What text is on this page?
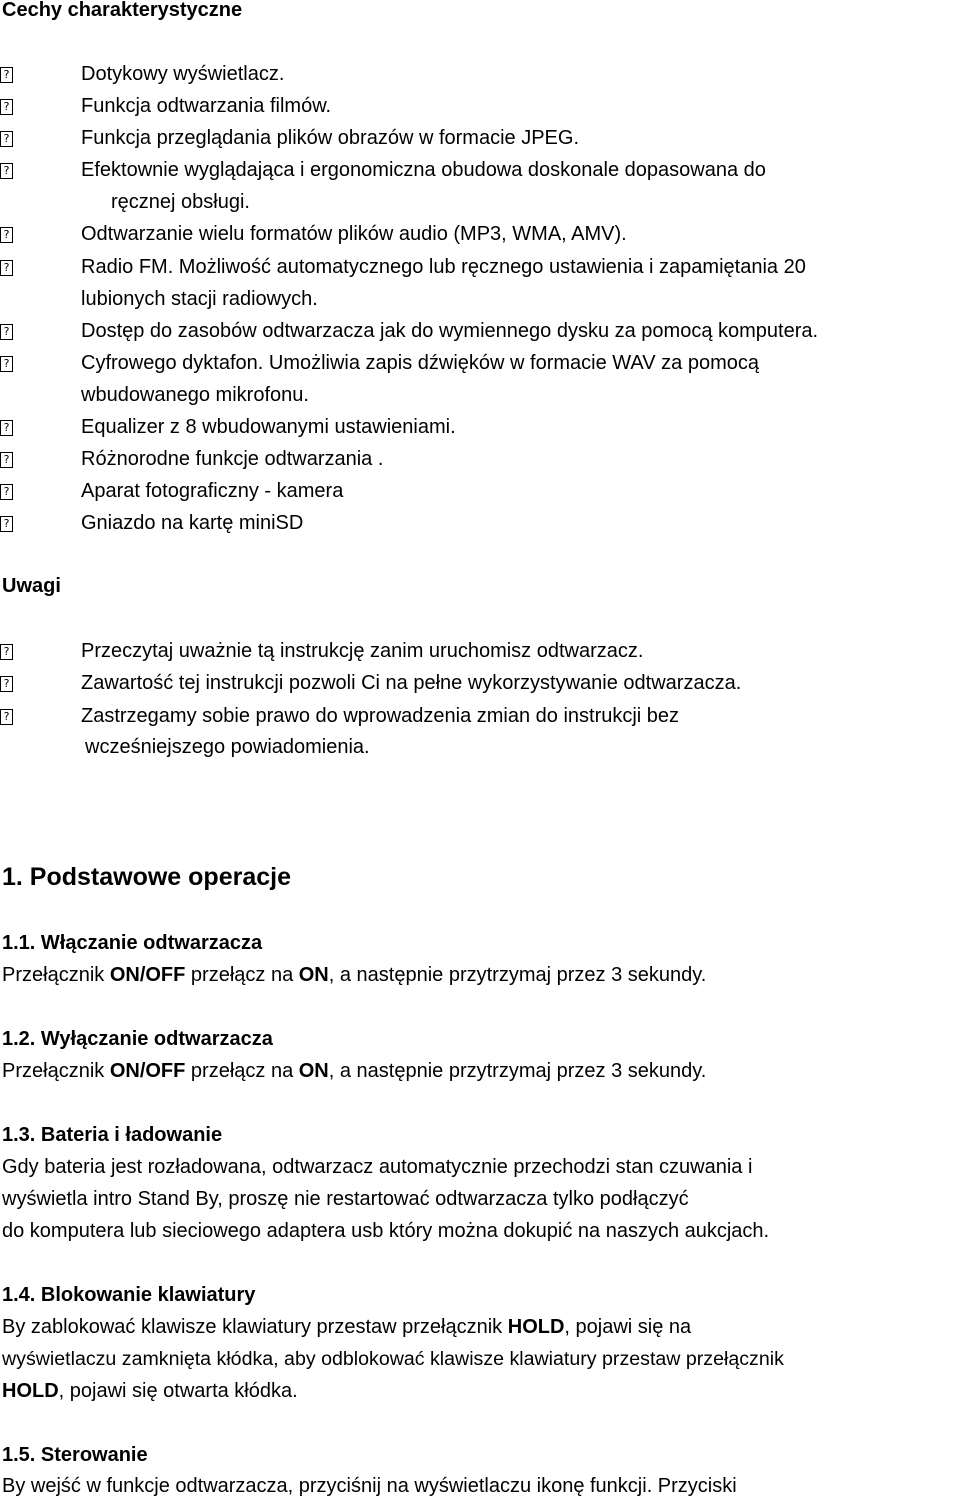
Cechy charakterystyczne
?	Dotykowy wyświetlacz.
?	Funkcja odtwarzania filmów.
?	Funkcja przeglądania plików obrazów w formacie JPEG.
?	Efektownie wyglądająca i ergonomiczna obudowa doskonale dopasowana do
ręcznej obsługi.
?	Odtwarzanie wielu formatów plików audio (MP3, WMA, AMV).
?	Radio FM. Możliwość automatycznego lub ręcznego ustawienia i zapamiętania 20
lubionych stacji radiowych.
?	Dostęp do zasobów odtwarzacza jak do wymiennego dysku za pomocą komputera.
?	Cyfrowego dyktafon. Umożliwia zapis dźwięków w formacie WAV za pomocą
wbudowanego mikrofonu.
?	Equalizer z 8 wbudowanymi ustawieniami.
?	Różnorodne funkcje odtwarzania .
?	Aparat fotograficzny - kamera
?	Gniazdo na kartę miniSD
Uwagi
?	Przeczytaj uważnie tą instrukcję zanim uruchomisz odtwarzacz.
?	Zawartość tej instrukcji pozwoli Ci na pełne wykorzystywanie odtwarzacza.
?	Zastrzegamy sobie prawo do wprowadzenia zmian do instrukcji bez
wcześniejszego powiadomienia.
1. Podstawowe operacje
1.1. Włączanie odtwarzacza
Przełącznik ON/OFF przełącz na ON, a następnie przytrzymaj przez 3 sekundy.
1.2. Wyłączanie odtwarzacza
Przełącznik ON/OFF przełącz na ON, a następnie przytrzymaj przez 3 sekundy.
1.3. Bateria i ładowanie
Gdy bateria jest rozładowana, odtwarzacz automatycznie przechodzi stan czuwania i
wyświetla intro Stand By, proszę nie restartować odtwarzacza tylko podłączyć
do komputera lub sieciowego adaptera usb który można dokupić na naszych aukcjach.
1.4. Blokowanie klawiatury
By zablokować klawisze klawiatury przestaw przełącznik HOLD, pojawi się na
wyświetlaczu zamknięta kłódka, aby odblokować klawisze klawiatury przestaw przełącznik
HOLD, pojawi się otwarta kłódka.
1.5. Sterowanie
By wejść w funkcje odtwarzacza, przyciśnij na wyświetlaczu ikonę funkcji. Przyciski
